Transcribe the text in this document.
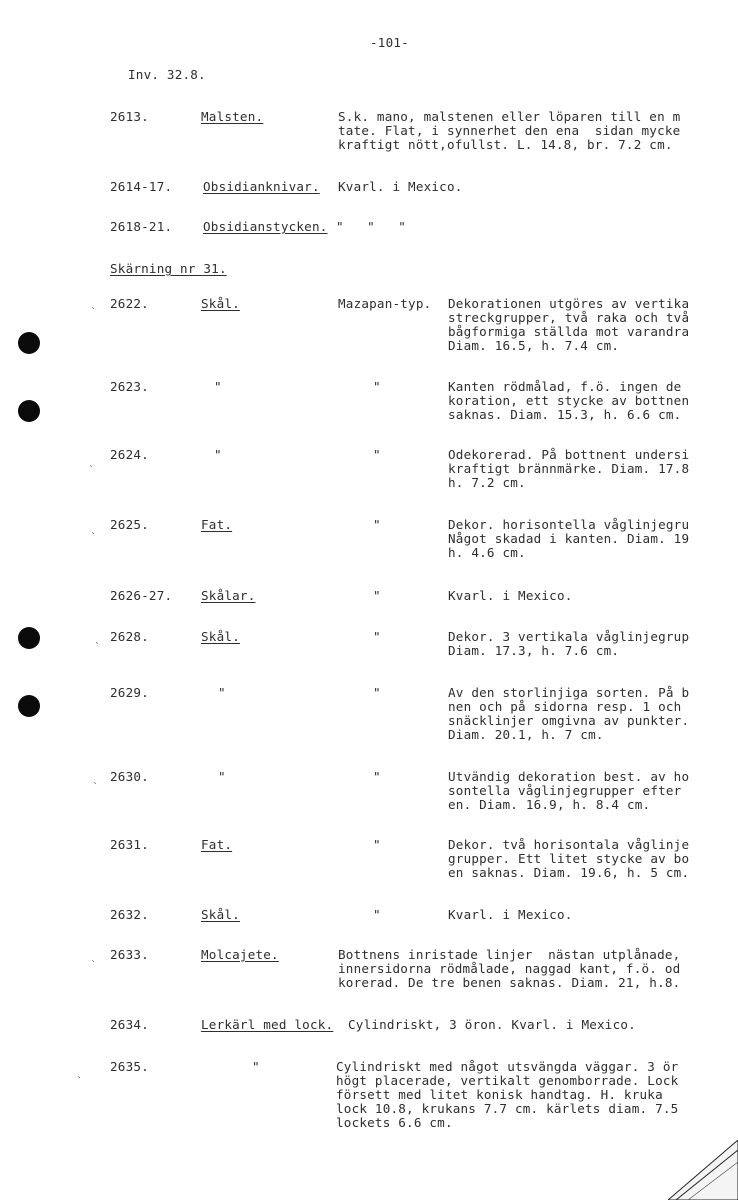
-101-
Inv. 32.8.
Skärning nr 31.
2613.	Malsten.	S.k. mano, malstenen eller löparen till en m
tate. Flat, i synnerhet den ena  sidan mycke
kraftigt nött,ofullst. L. 14.8, br. 7.2 cm.
2614-17. Obsidianknivar. Kvarl. i Mexico.
2618-21. Obsidianstycken. "   "   "
2622.	Skål.	Mazapan-typ. Dekorationen utgöres av vertika
streckgrupper, två raka och två
bågformiga ställda mot varandra
Diam. 16.5, h. 7.4 cm.
2623.	"	"	Kanten rödmålad, f.ö. ingen de
koration, ett stycke av bottnen
saknas. Diam. 15.3, h. 6.6 cm.
2624.	"	"	Odekorerad. På bottnent undersi
kraftigt brännmärke. Diam. 17.8
h. 7.2 cm.
2625.	Fat.	"	Dekor. horisontella våglinjegru
Något skadad i kanten. Diam. 19
h. 4.6 cm.
2626-27. Skålar.	"	Kvarl. i Mexico.
2628.	Skål.	"	Dekor. 3 vertikala våglinjegrup
Diam. 17.3, h. 7.6 cm.
2629.	"	"	Av den storlinjiga sorten. På b
nen och på sidorna resp. 1 och
snäcklinjer omgivna av punkter.
Diam. 20.1, h. 7 cm.
2630.	"	"	Utvändig dekoration best. av ho
sontella våglinjegrupper efter
en. Diam. 16.9, h. 8.4 cm.
2631.	Fat.	"	Dekor. två horisontala våglinje
grupper. Ett litet stycke av bo
en saknas. Diam. 19.6, h. 5 cm.
2632.	Skål.	"	Kvarl. i Mexico.
2633.	Molcajete.	Bottnens inristade linjer  nästan utplånade,
innersidorna rödmålade, naggad kant, f.ö. od
korerad. De tre benen saknas. Diam. 21, h.8.
2634.	Lerkärl med lock. Cylindriskt, 3 öron. Kvarl. i Mexico.
2635.	"	Cylindriskt med något utsvängda väggar. 3 ör
högt placerade, vertikalt genomborrade. Lock
försett med litet konisk handtag. H. kruka
lock 10.8, krukans 7.7 cm. kärlets diam. 7.5
lockets 6.6 cm.
ˎ
ˎ
ˎ
ˎ
ˎ
ˎ
ˎ
